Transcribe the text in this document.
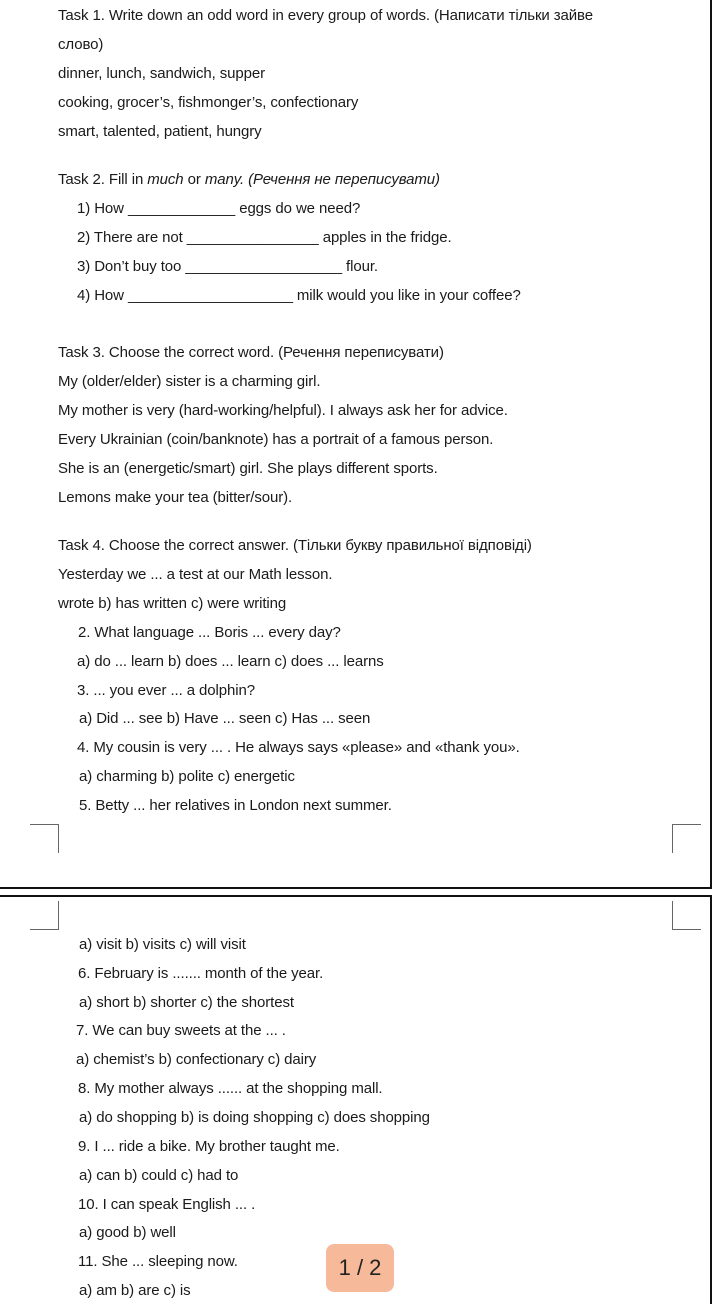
Task 1. Write down an odd word in every group of words. (Написати тільки зайве
слово)
dinner, lunch, sandwich, supper
cooking, grocer’s, fishmonger’s, confectionary
smart, talented, patient, hungry
Task 2. Fill in much or many. (Речення не переписувати)
1) How _____________ eggs do we need?
2) There are not ________________ apples in the fridge.
3) Don’t buy too ___________________ flour.
4) How ____________________ milk would you like in your coffee?
Task 3. Choose the correct word. (Речення переписувати)
My (older/elder) sister is a charming girl.
My mother is very (hard-working/helpful). I always ask her for advice.
Every Ukrainian (coin/banknote) has a portrait of a famous person.
She is an (energetic/smart) girl. She plays different sports.
Lemons make your tea (bitter/sour).
Task 4. Choose the correct answer. (Тільки букву правильної відповіді)
Yesterday we ... a test at our Math lesson.
wrote b) has written c) were writing
2. What language ... Boris ... every day?
a) do ... learn b) does ... learn c) does ... learns
3. ... you ever ... a dolphin?
a) Did ... see b) Have ... seen c) Has ... seen
4. My cousin is very ... . He always says «please» and «thank you».
a) charming b) polite c) energetic
5. Betty ... her relatives in London next summer.
a) visit b) visits c) will visit
6. February is ....... month of the year.
a) short b) shorter c) the shortest
7. We can buy sweets at the ... .
a) chemist’s b) confectionary c) dairy
8. My mother always ...... at the shopping mall.
a) do shopping b) is doing shopping c) does shopping
9. I ... ride a bike. My brother taught me.
a) can b) could c) had to
10. I can speak English ... .
a) good b) well
11. She ... sleeping now.
a) am b) are c) is
1 / 2
